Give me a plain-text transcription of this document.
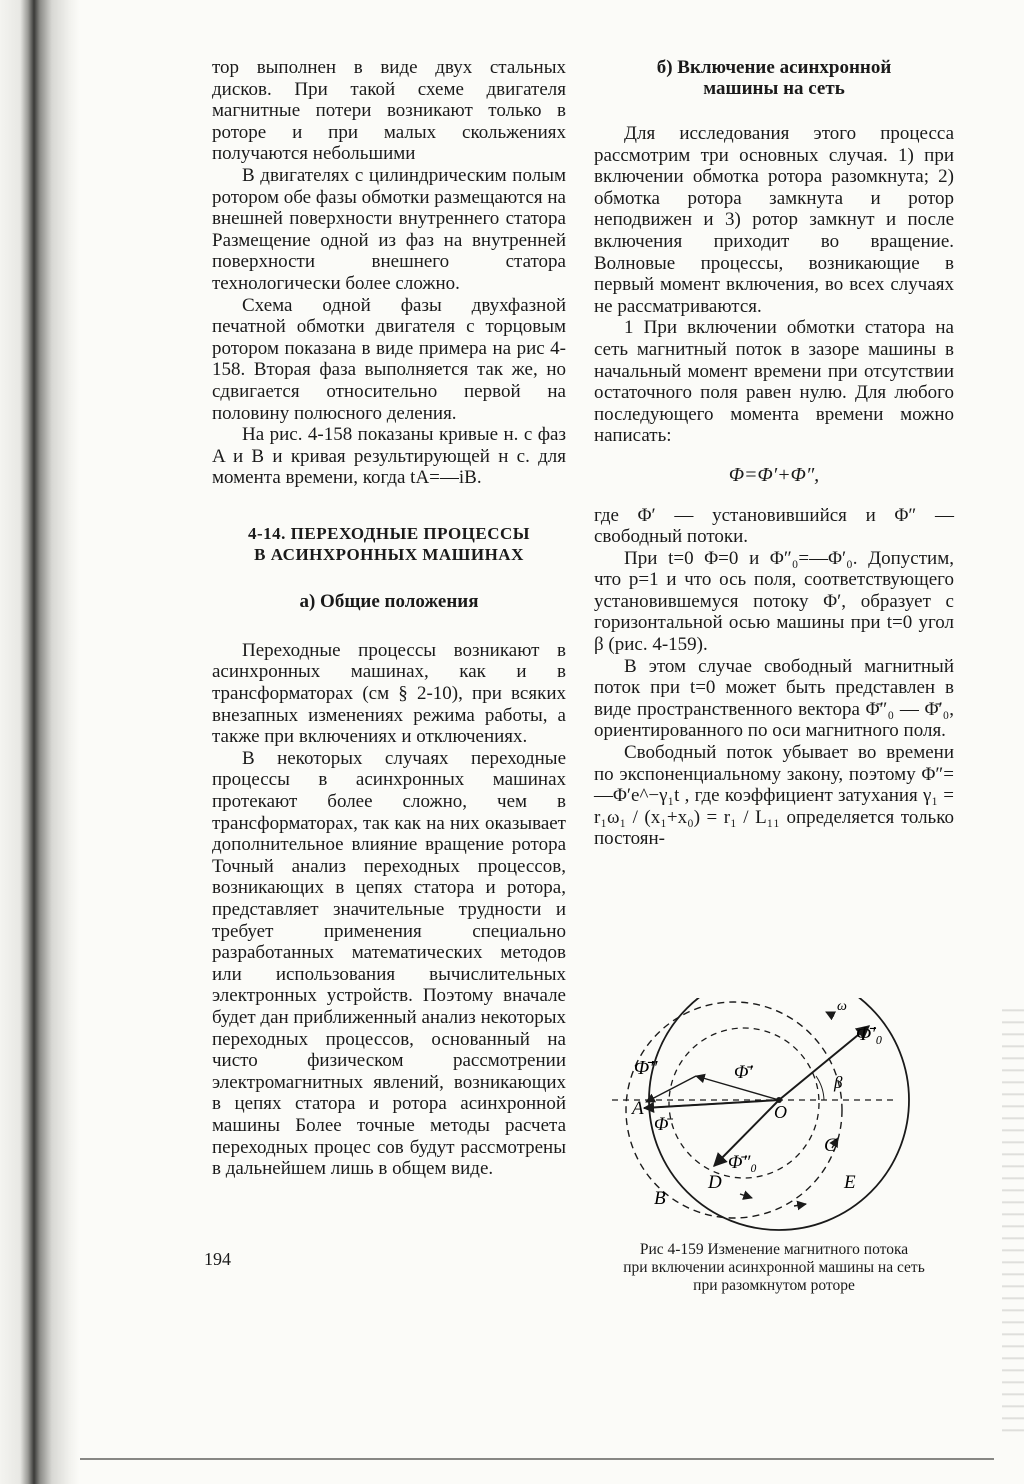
тор выполнен в виде двух стальных дисков. При такой схеме двигателя магнитные потери возникают только в роторе и при малых скольжениях получаются небольшими

В двигателях с цилиндрическим полым ротором обе фазы обмотки размещаются на внешней поверхности внутреннего статора Размещение одной из фаз на внутренней поверхности внешнего статора технологически более сложно.

Схема одной фазы двухфазной печатной обмотки двигателя с торцовым ротором показана в виде примера на рис 4-158. Вторая фаза выполняется так же, но сдвигается относительно первой на половину полюсного деления.

На рис. 4-158 показаны кривые н. с фаз A и B и кривая результирующей н с. для момента времени, когда tA=—iB.

4-14. ПЕРЕХОДНЫЕ ПРОЦЕССЫ
В АСИНХРОННЫХ МАШИНАХ
а) Общие положения

Переходные процессы возникают в асинхронных машинах, как и в трансформаторах (см § 2-10), при всяких внезапных изменениях режима работы, а также при включениях и отключениях.

В некоторых случаях переходные процессы в асинхронных машинах протекают более сложно, чем в трансформаторах, так как на них оказывает дополнительное влияние вращение ротора Точный анализ переходных процессов, возникающих в цепях статора и ротора, представляет значительные трудности и требует применения специально разработанных математических методов или использования вычислительных электронных устройств. Поэтому вначале будет дан приближенный анализ некоторых переходных процессов, основанный на чисто физическом рассмотрении электромагнитных явлений, возникающих в цепях статора и ротора асинхронной машины Более точные методы расчета переходных процес сов будут рассмотрены в дальнейшем лишь в общем виде.

194
б) Включение асинхронной
машины на сеть

Для исследования этого процесса рассмотрим три основных случая. 1) при включении обмотка ротора разомкнута; 2) обмотка ротора замкнута и ротор неподвижен и 3) ротор замкнут и после включения приходит во вращение. Волновые процессы, возникающие в первый момент включения, во всех случаях не рассматриваются.

1 При включении обмотки статора на сеть магнитный поток в зазоре машины в начальный момент времени при отсутствии остаточного поля равен нулю. Для любого последующего момента времени можно написать:

Φ=Φ′+Φ″,

где Φ′ — установившийся и Φ″ — свободный потоки.

При t=0 Φ=0 и Φ″₀=—Φ′₀. Допустим, что p=1 и что ось поля, соответствующего установившемуся потоку Φ′, образует с горизонтальной осью машины при t=0 угол β (рис. 4-159).

В этом случае свободный магнитный поток при t=0 может быть представлен в виде пространственного вектора Φ̄″₀ — Φ̄′₀, ориентированного по оси магнитного поля.

Свободный поток убывает во времени по экспоненциальному закону, поэтому Φ″=—Φ′e^−γ₁t , где коэффициент затухания γ₁ = r₁ω₁ / (x₁+x₀) = r₁ / L₁₁ определяется только постоян-

Φ̄′₀
Φ̄″	Φ̄′
Φ̄
Φ̄″₀
β
ω
A	O
B
C
D	E
Рис 4-159 Изменение магнитного потока
при включении асинхронной машины на сеть
при разомкнутом роторе
